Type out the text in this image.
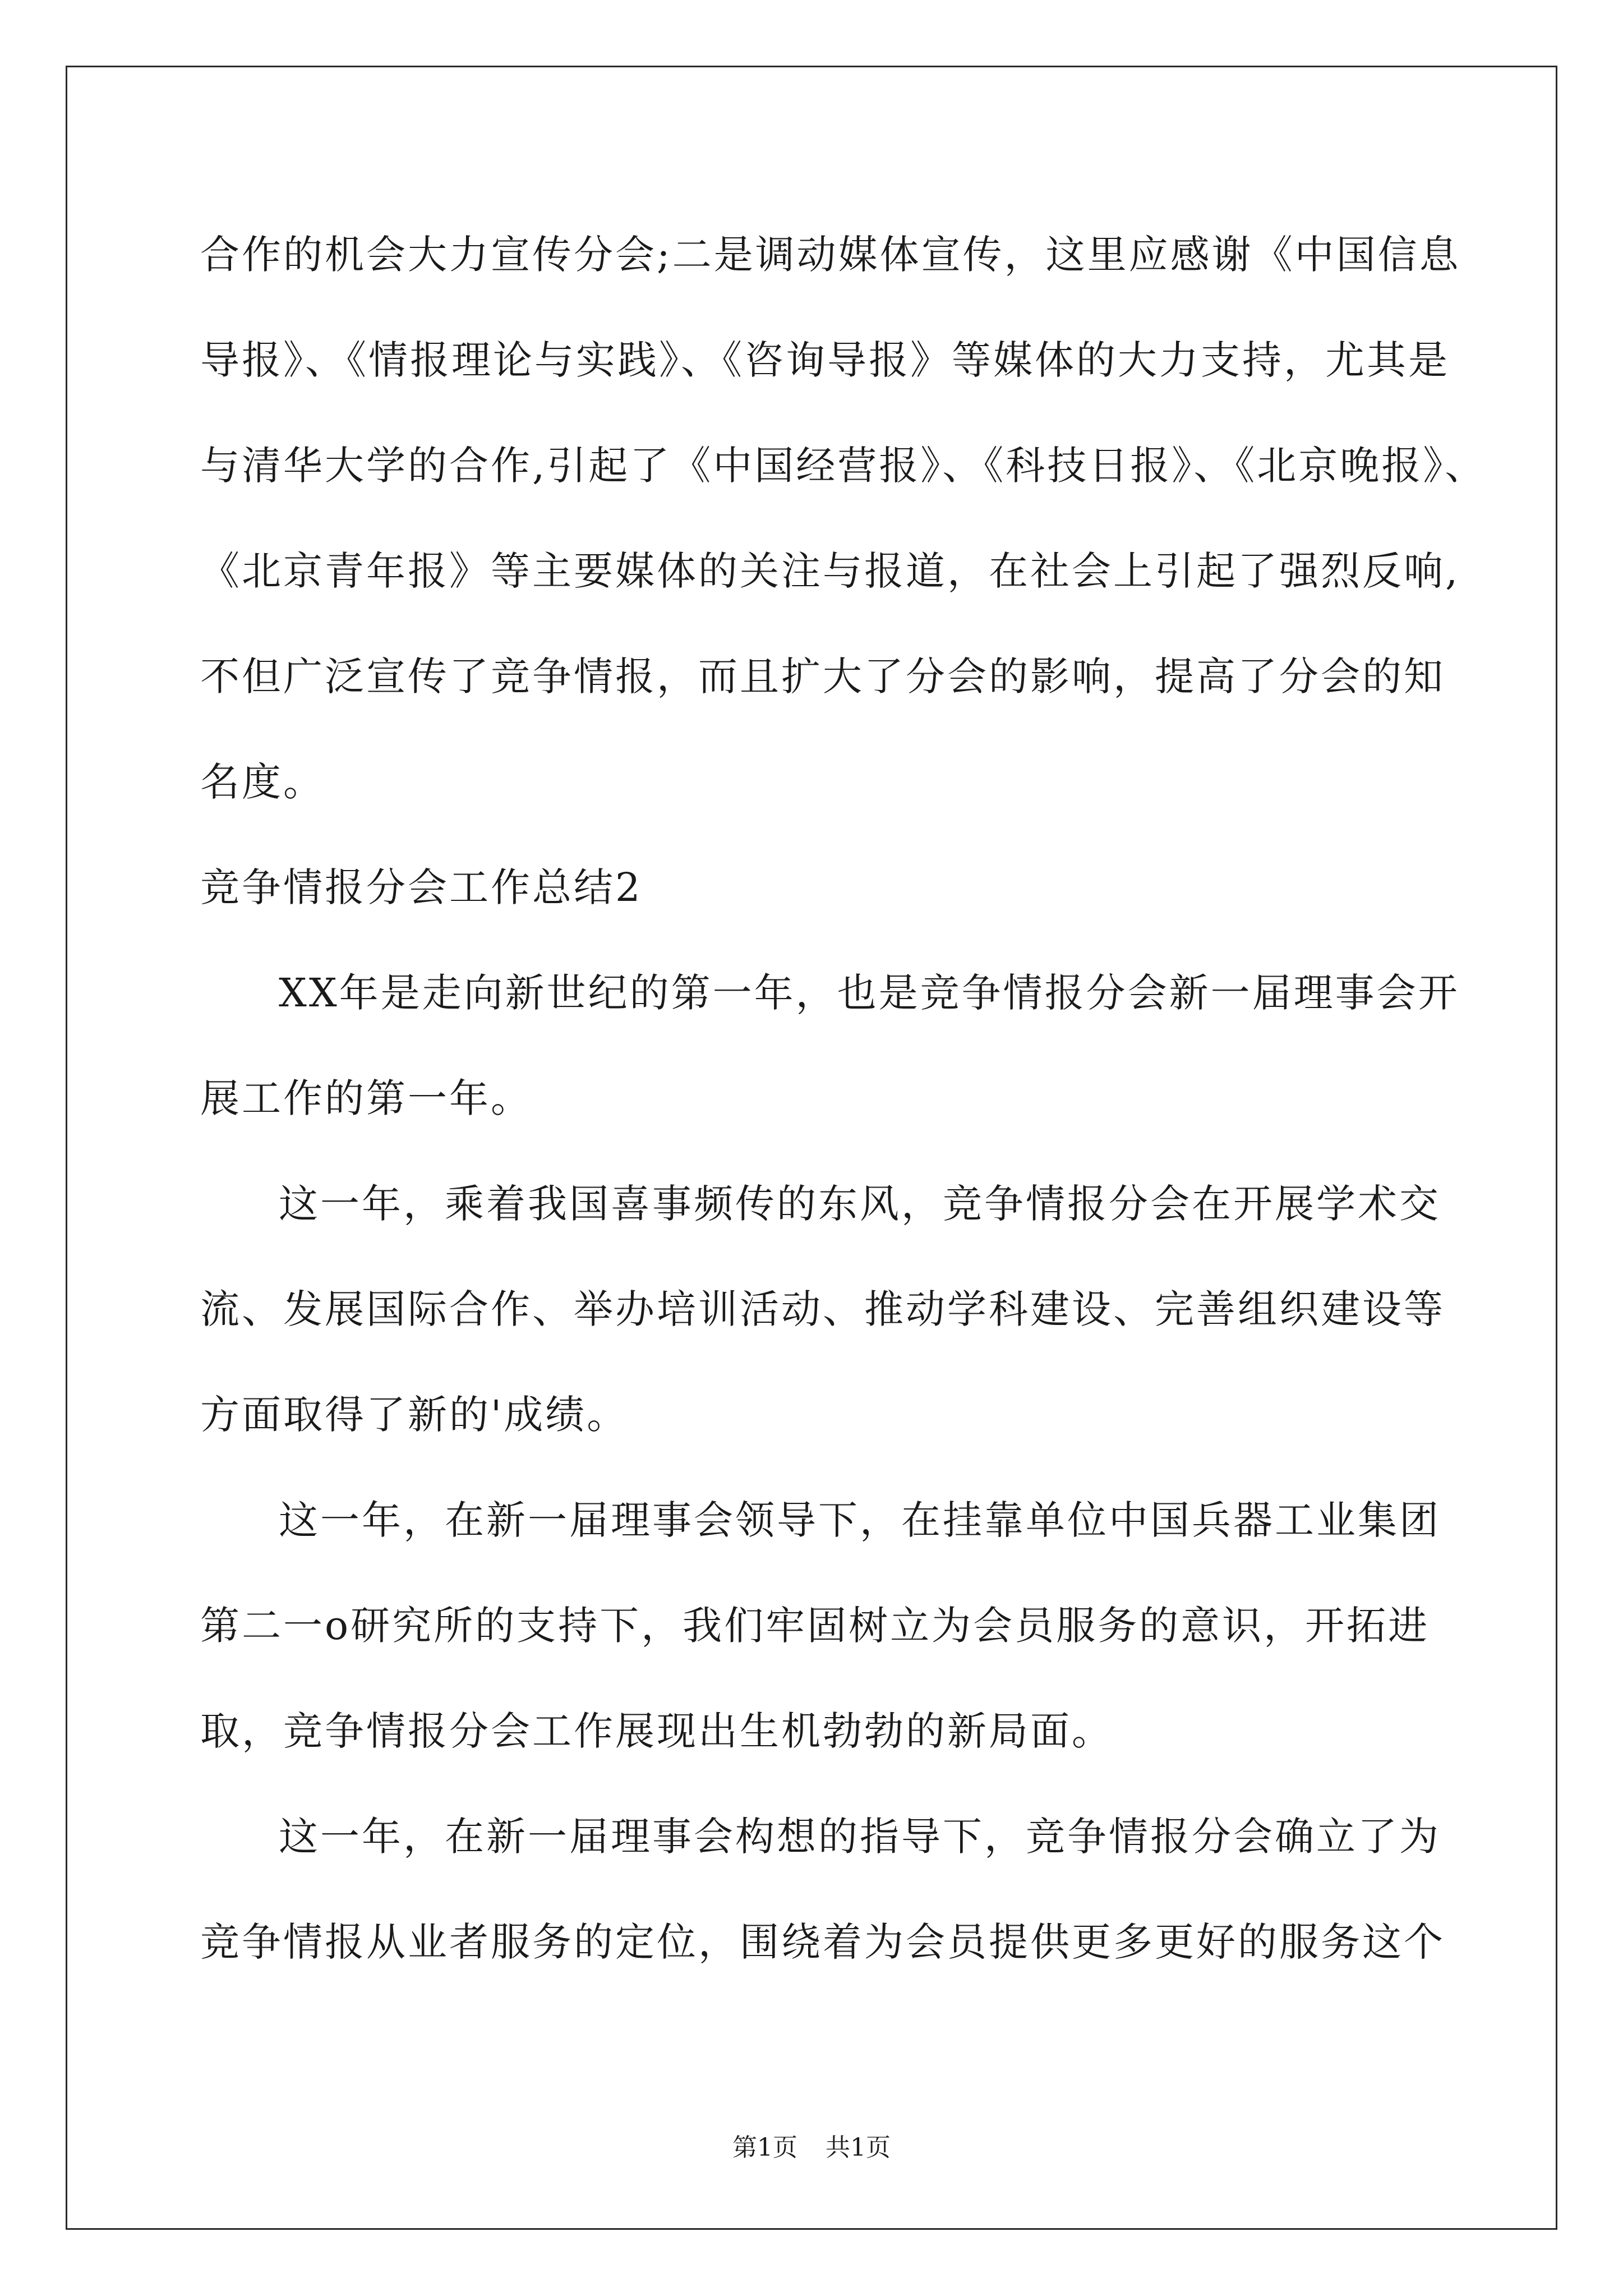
合作的机会大力宣传分会;二是调动媒体宣传，这里应感谢《中国信息
导报》、《情报理论与实践》、《咨询导报》等媒体的大力支持，尤其是
与清华大学的合作,引起了《中国经营报》、《科技日报》、《北京晚报》、
《北京青年报》等主要媒体的关注与报道，在社会上引起了强烈反响,
不但广泛宣传了竞争情报，而且扩大了分会的影响，提高了分会的知
名度。
竞争情报分会工作总结2
XX年是走向新世纪的第一年，也是竞争情报分会新一届理事会开
展工作的第一年。
这一年，乘着我国喜事频传的东风，竞争情报分会在开展学术交
流、发展国际合作、举办培训活动、推动学科建设、完善组织建设等
方面取得了新的'成绩。
这一年，在新一届理事会领导下，在挂靠单位中国兵器工业集团
第二一o研究所的支持下，我们牢固树立为会员服务的意识，开拓进
取，竞争情报分会工作展现出生机勃勃的新局面。
这一年，在新一届理事会构想的指导下，竞争情报分会确立了为
竞争情报从业者服务的定位，围绕着为会员提供更多更好的服务这个
第1页 共1页
